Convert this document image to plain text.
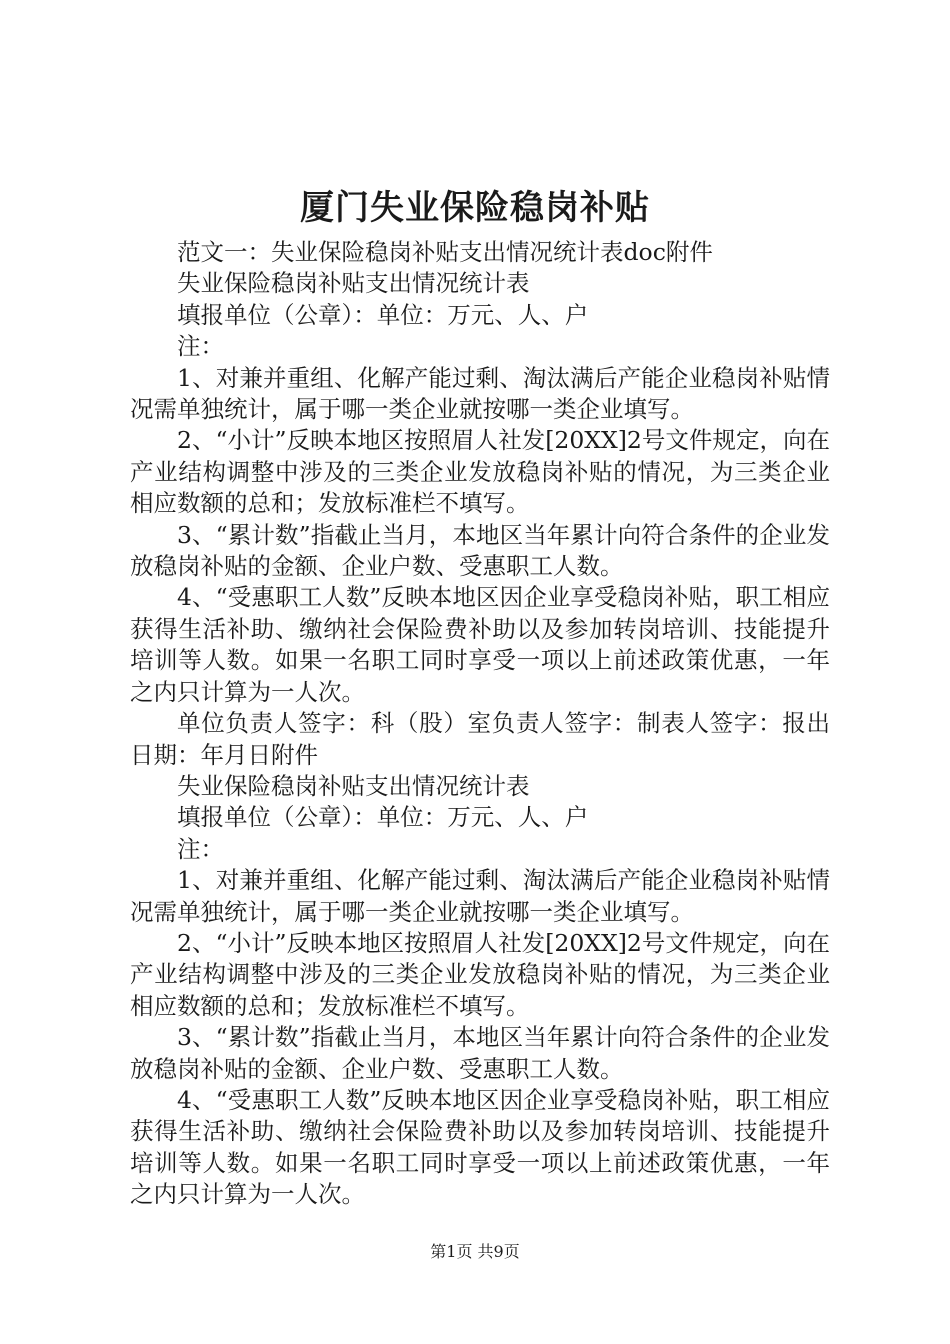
厦门失业保险稳岗补贴

范文一：失业保险稳岗补贴支出情况统计表doc附件

失业保险稳岗补贴支出情况统计表

填报单位（公章）：单位：万元、人、户

注：

1、对兼并重组、化解产能过剩、淘汰满后产能企业稳岗补贴情况需单独统计，属于哪一类企业就按哪一类企业填写。

2、“小计”反映本地区按照眉人社发[20XX]2号文件规定，向在产业结构调整中涉及的三类企业发放稳岗补贴的情况，为三类企业相应数额的总和；发放标准栏不填写。

3、“累计数”指截止当月，本地区当年累计向符合条件的企业发放稳岗补贴的金额、企业户数、受惠职工人数。

4、“受惠职工人数”反映本地区因企业享受稳岗补贴，职工相应获得生活补助、缴纳社会保险费补助以及参加转岗培训、技能提升培训等人数。如果一名职工同时享受一项以上前述政策优惠，一年之内只计算为一人次。

单位负责人签字：科（股）室负责人签字：制表人签字：报出日期：年月日附件

失业保险稳岗补贴支出情况统计表

填报单位（公章）：单位：万元、人、户

注：

1、对兼并重组、化解产能过剩、淘汰满后产能企业稳岗补贴情况需单独统计，属于哪一类企业就按哪一类企业填写。

2、“小计”反映本地区按照眉人社发[20XX]2号文件规定，向在产业结构调整中涉及的三类企业发放稳岗补贴的情况，为三类企业相应数额的总和；发放标准栏不填写。

3、“累计数”指截止当月，本地区当年累计向符合条件的企业发放稳岗补贴的金额、企业户数、受惠职工人数。

4、“受惠职工人数”反映本地区因企业享受稳岗补贴，职工相应获得生活补助、缴纳社会保险费补助以及参加转岗培训、技能提升培训等人数。如果一名职工同时享受一项以上前述政策优惠，一年之内只计算为一人次。

第1页 共9页
